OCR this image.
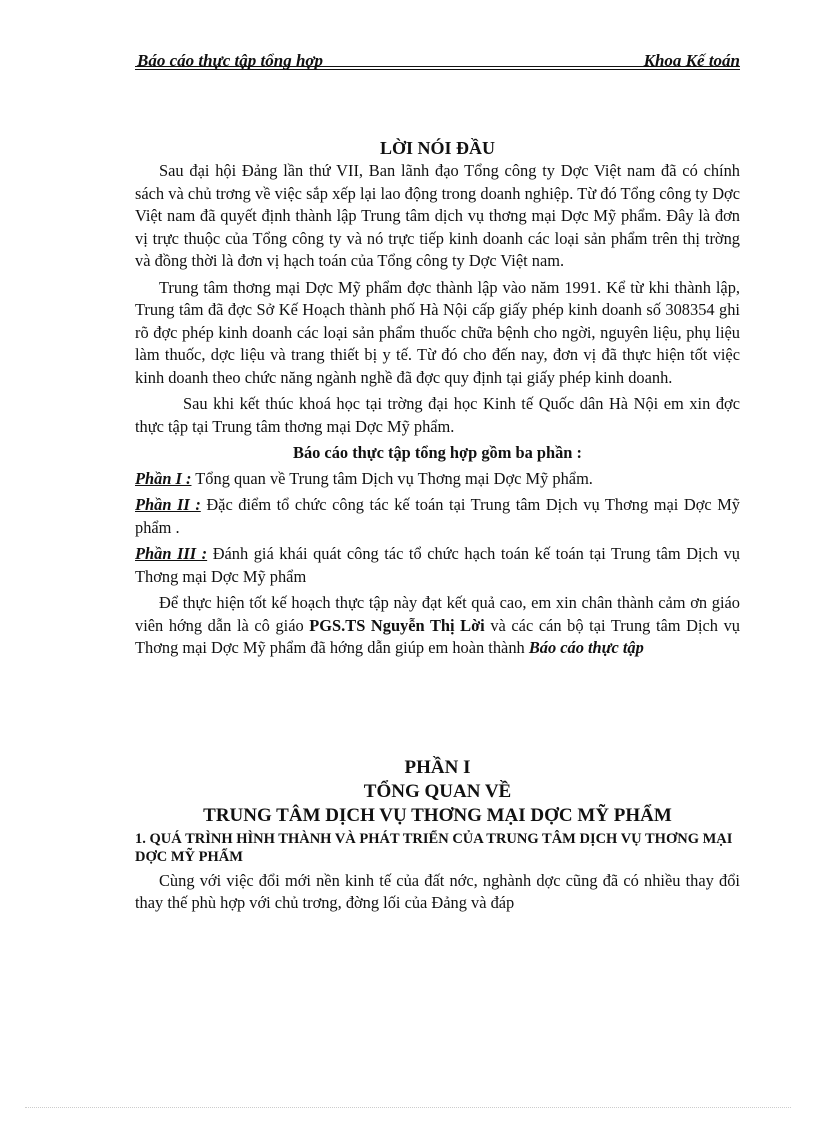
Báo cáo thực tập tổng hợp	Khoa Kế toán
LỜI NÓI ĐẦU

Sau đại hội Đảng lần thứ VII, Ban lãnh đạo Tổng công ty Dợc Việt nam đã có chính sách và chủ trơng về việc sắp xếp lại lao động trong doanh nghiệp. Từ đó Tổng công ty Dợc Việt nam đã quyết định thành lập Trung tâm dịch vụ thơng mại Dợc Mỹ phẩm. Đây là đơn vị trực thuộc của Tổng công ty và nó trực tiếp kinh doanh các loại sản phẩm trên thị trờng và đồng thời là đơn vị hạch toán của Tổng công ty Dợc Việt nam.

Trung tâm thơng mại Dợc Mỹ phẩm đợc thành lập vào năm 1991. Kể từ khi thành lập, Trung tâm đã đợc Sở Kế Hoạch thành phố Hà Nội cấp giấy phép kinh doanh số 308354 ghi rõ đợc phép kinh doanh các loại sản phẩm thuốc chữa bệnh cho ngời, nguyên liệu, phụ liệu làm thuốc, dợc liệu và trang thiết bị y tế. Từ đó cho đến nay, đơn vị đã thực hiện tốt việc kinh doanh theo chức năng ngành nghề đã đợc quy định tại giấy phép kinh doanh.

Sau khi kết thúc khoá học tại trờng đại học Kinh tế Quốc dân Hà Nội em xin đợc thực tập tại Trung tâm thơng mại Dợc Mỹ phẩm.

Báo cáo thực tập tổng hợp gồm ba phần :

Phần I : Tổng quan về Trung tâm Dịch vụ Thơng mại Dợc Mỹ phẩm.

Phần II : Đặc điểm tổ chức công tác kế toán tại Trung tâm Dịch vụ Thơng mại Dợc Mỹ phẩm .

Phần III : Đánh giá khái quát công tác tổ chức hạch toán kế toán tại Trung tâm Dịch vụ Thơng mại Dợc Mỹ phẩm

Để thực hiện tốt kế hoạch thực tập này đạt kết quả cao, em xin chân thành cảm ơn giáo viên hớng dẫn là cô giáo PGS.TS Nguyễn Thị Lời và các cán bộ tại Trung tâm Dịch vụ Thơng mại Dợc Mỹ phẩm đã hớng dẫn giúp em hoàn thành Báo cáo thực tập

PHẦN I
TỔNG QUAN VỀ
TRUNG TÂM DỊCH VỤ THƠNG MẠI DỢC MỸ PHẨM
1. QUÁ TRÌNH HÌNH THÀNH VÀ PHÁT TRIỂN CỦA TRUNG TÂM DỊCH VỤ THƠNG MẠI DỢC MỸ PHẨM

Cùng với việc đổi mới nền kinh tế của đất nớc, nghành dợc cũng đã có nhiều thay đổi thay thế phù hợp với chủ trơng, đờng lối của Đảng và đáp
